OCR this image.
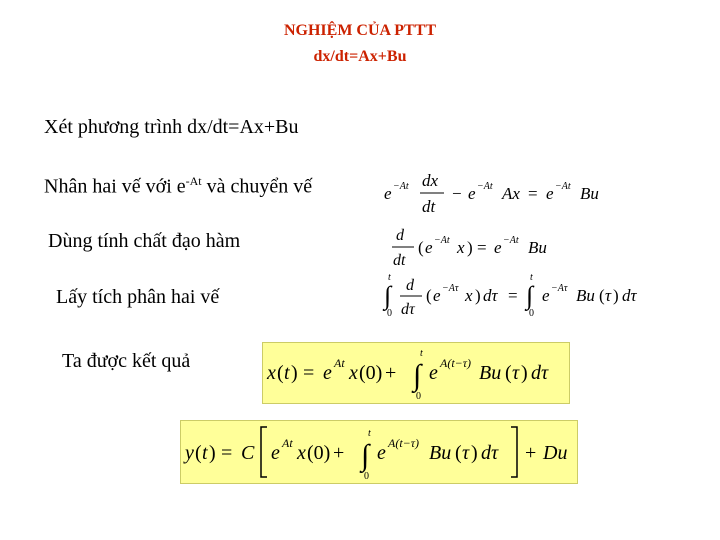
NGHIỆM CỦA PTTT
dx/dt=Ax+Bu
Xét phương trình dx/dt=Ax+Bu
Nhân hai vế với $e^{-At}$ và chuyển vế
Dùng tính chất đạo hàm
Lấy tích phân hai vế
Ta được kết quả
e −At dx
dt
− e −At Ax = e −At Bu
d
dt
( e −At x ) = e −At Bu
t
∫
0
d
dτ
( e −Aτ x ) dτ =
t
∫
0
e −Aτ Bu ( τ ) dτ
x ( t ) = e At x (0) +
t
∫
0
e A(t−τ) Bu ( τ ) dτ
y ( t ) = C e At x (0) +
t
∫
0
e A(t−τ) Bu ( τ ) dτ + Du
